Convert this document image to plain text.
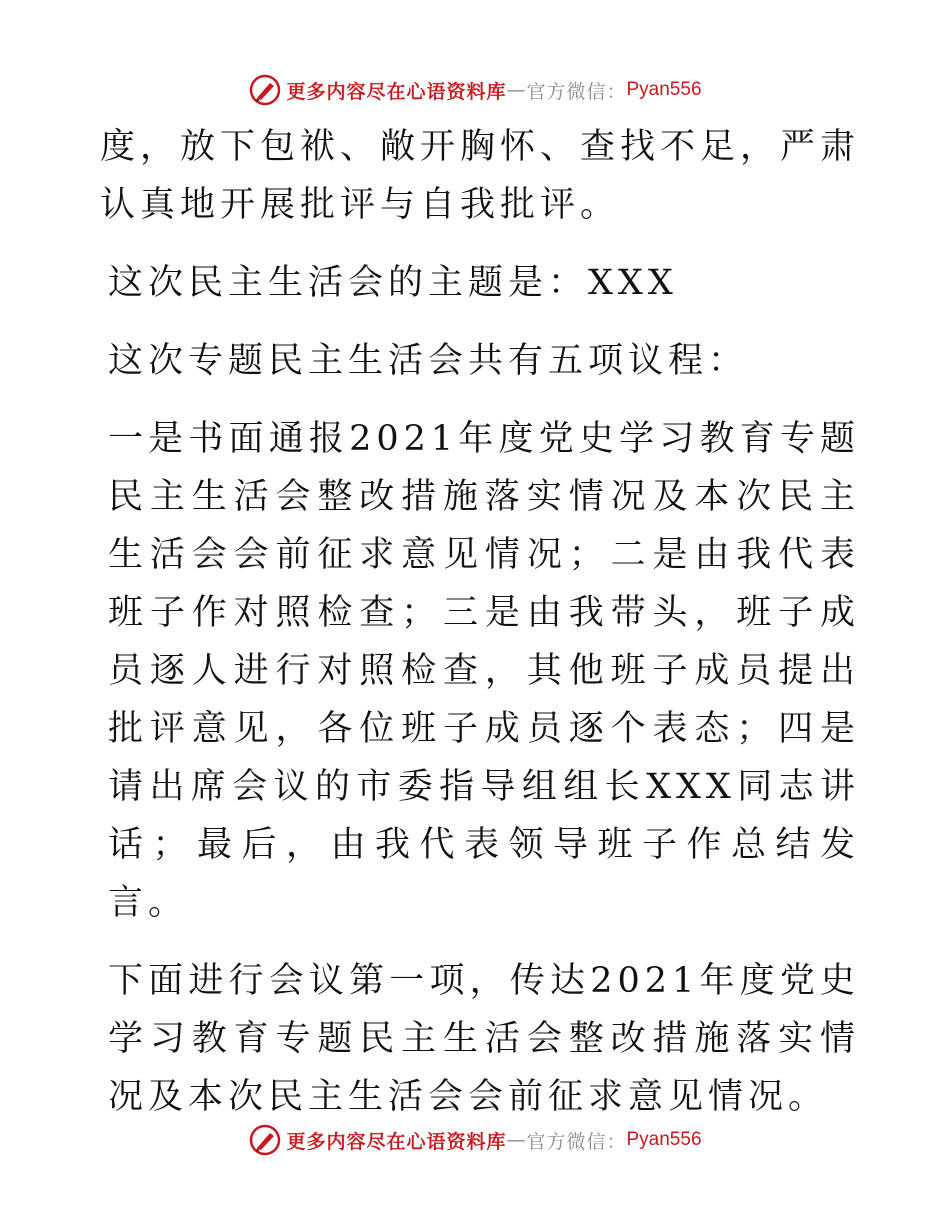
更多内容尽在心语资料库 — 官方微信： Pyan556

度，放下包袱、敞开胸怀、查找不足，严肃认真地开展批评与自我批评。

这次民主生活会的主题是：XXX

这次专题民主生活会共有五项议程：

一是书面通报2021年度党史学习教育专题民主生活会整改措施落实情况及本次民主生活会会前征求意见情况；二是由我代表班子作对照检查；三是由我带头，班子成员逐人进行对照检查，其他班子成员提出批评意见，各位班子成员逐个表态；四是请出席会议的市委指导组组长XXX同志讲话；最后，由我代表领导班子作总结发言。

下面进行会议第一项，传达2021年度党史学习教育专题民主生活会整改措施落实情况及本次民主生活会会前征求意见情况。

更多内容尽在心语资料库 — 官方微信： Pyan556
